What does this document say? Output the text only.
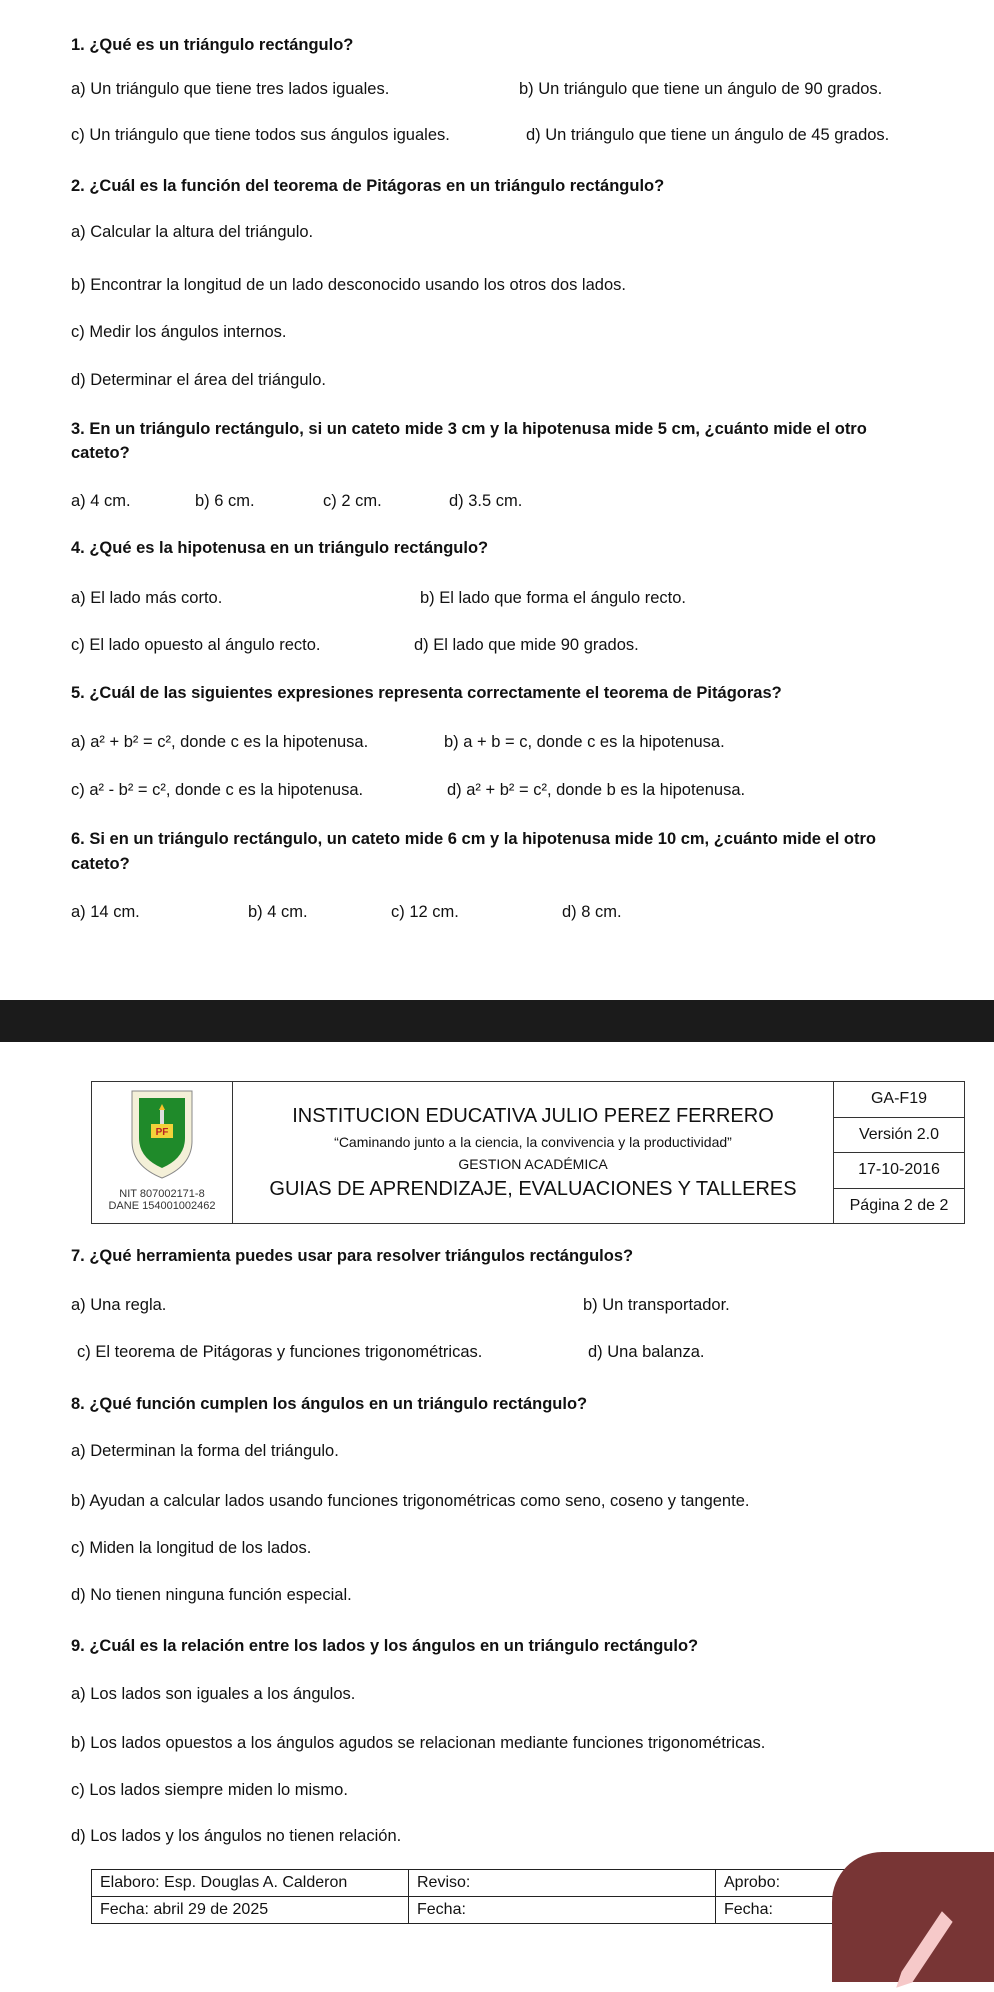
1. ¿Qué es un triángulo rectángulo?
a) Un triángulo que tiene tres lados iguales.	b) Un triángulo que tiene un ángulo de 90 grados.
c) Un triángulo que tiene todos sus ángulos iguales.	d) Un triángulo que tiene un ángulo de 45 grados.
2. ¿Cuál es la función del teorema de Pitágoras en un triángulo rectángulo?
a) Calcular la altura del triángulo.
b) Encontrar la longitud de un lado desconocido usando los otros dos lados.
c) Medir los ángulos internos.
d) Determinar el área del triángulo.
3. En un triángulo rectángulo, si un cateto mide 3 cm y la hipotenusa mide 5 cm, ¿cuánto mide el otro
cateto?
a) 4 cm.	b) 6 cm.	c) 2 cm.	d) 3.5 cm.
4. ¿Qué es la hipotenusa en un triángulo rectángulo?
a) El lado más corto.	b) El lado que forma el ángulo recto.
c) El lado opuesto al ángulo recto.	d) El lado que mide 90 grados.
5. ¿Cuál de las siguientes expresiones representa correctamente el teorema de Pitágoras?
a) a² + b² = c², donde c es la hipotenusa.	b) a + b = c, donde c es la hipotenusa.
c) a² - b² = c², donde c es la hipotenusa.	d) a² + b² = c², donde b es la hipotenusa.
6. Si en un triángulo rectángulo, un cateto mide 6 cm y la hipotenusa mide 10 cm, ¿cuánto mide el otro
cateto?
a) 14 cm.	b) 4 cm.	c) 12 cm.	d) 8 cm.
7. ¿Qué herramienta puedes usar para resolver triángulos rectángulos?
a) Una regla.	b) Un transportador.
c) El teorema de Pitágoras y funciones trigonométricas.	d) Una balanza.
8. ¿Qué función cumplen los ángulos en un triángulo rectángulo?
a) Determinan la forma del triángulo.
b) Ayudan a calcular lados usando funciones trigonométricas como seno, coseno y tangente.
c) Miden la longitud de los lados.
d) No tienen ninguna función especial.
9. ¿Cuál es la relación entre los lados y los ángulos en un triángulo rectángulo?
a) Los lados son iguales a los ángulos.
b) Los lados opuestos a los ángulos agudos se relacionan mediante funciones trigonométricas.
c) Los lados siempre miden lo mismo.
d) Los lados y los ángulos no tienen relación.
PF
NIT 807002171-8
DANE 154001002462

INSTITUCION EDUCATIVA JULIO PEREZ FERRERO
“Caminando junto a la ciencia, la convivencia y la productividad”
GESTION ACADÉMICA
GUIAS DE APRENDIZAJE, EVALUACIONES Y TALLERES
	GA-F19
Versión 2.0
17-10-2016
Página 2 de 2
Elaboro: Esp. Douglas A. Calderon	Reviso:	Aprobo:
Fecha: abril 29 de 2025	Fecha:	Fecha:
